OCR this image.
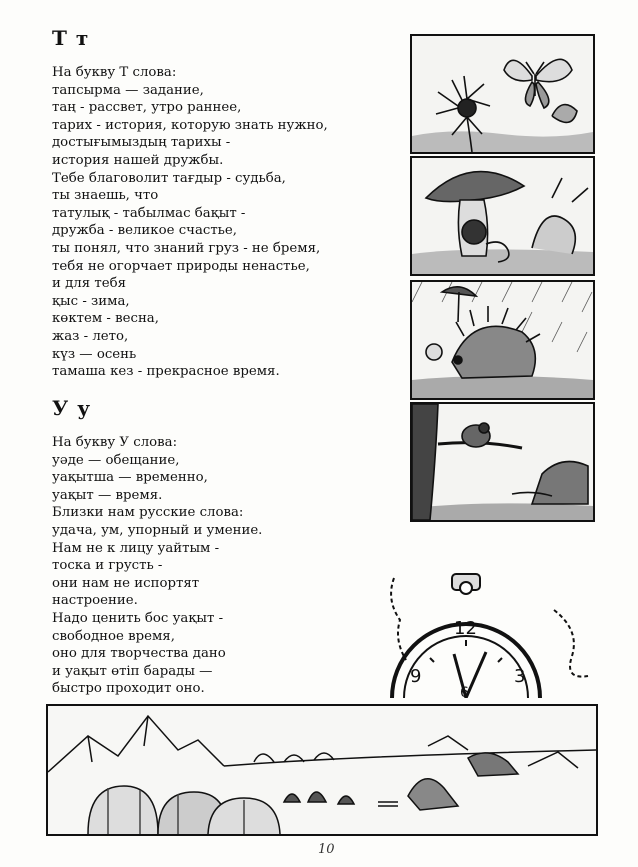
Т т
На букву Т слова:
тапсырма — задание,
таң - рассвет, утро раннее,
тарих - история, которую знать нужно,
достығымыздың тарихы -
история нашей дружбы.
Тебе благоволит тағдыр - судьба,
ты знаешь, что
татулық - табылмас бақыт -
дружба - великое счастье,
ты понял, что знаний груз - не бремя,
тебя не огорчает природы ненастье,
и для тебя
қыс - зима,
көктем - весна,
жаз - лето,
күз — осень
тамаша кез - прекрасное время.
У у
На букву У слова:
уәде — обещание,
уақытша — временно,
уақыт — время.
Близки нам русские слова:
удача, ум, упорный и умение.
Нам не к лицу уайтым -
тоска и грусть -
они нам не испортят
настроение.
Надо ценить бос уақыт -
свободное время,
оно для творчества дано
и уақыт өтіп барады —
быстро проходит оно.
12
3
6
9
10
